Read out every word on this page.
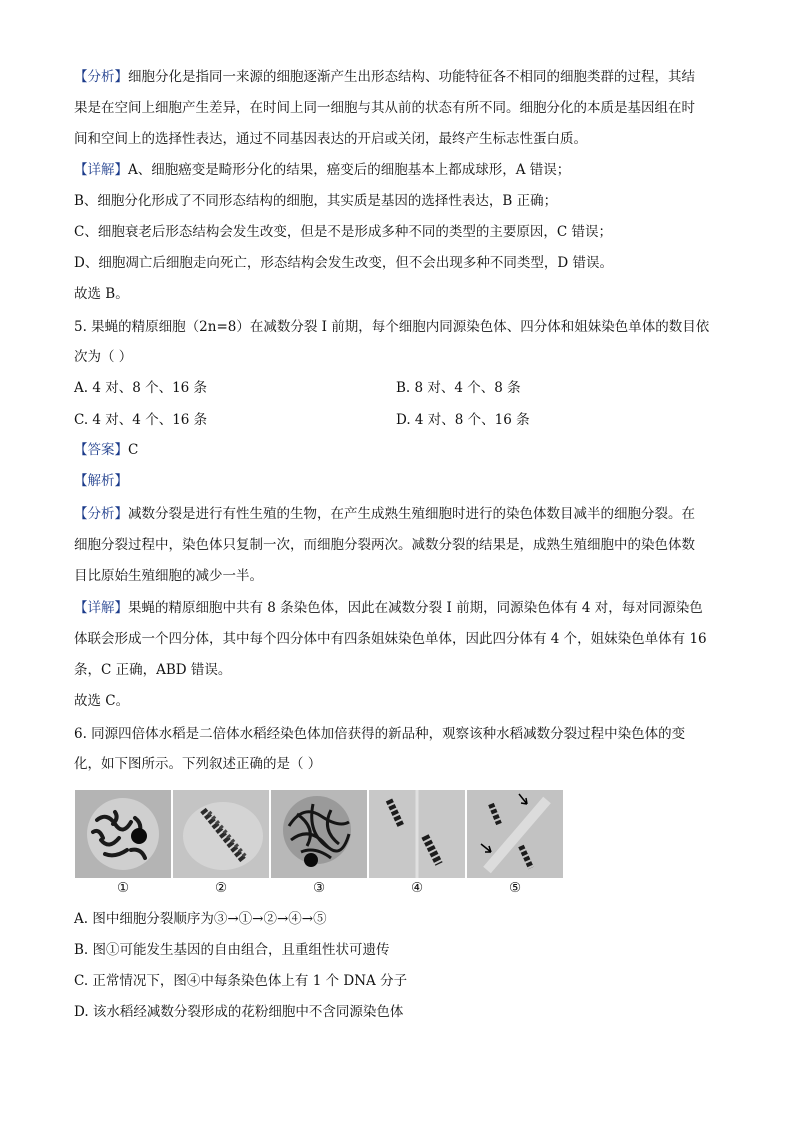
【分析】细胞分化是指同一来源的细胞逐渐产生出形态结构、功能特征各不相同的细胞类群的过程，其结
果是在空间上细胞产生差异，在时间上同一细胞与其从前的状态有所不同。细胞分化的本质是基因组在时
间和空间上的选择性表达，通过不同基因表达的开启或关闭，最终产生标志性蛋白质。
【详解】A、细胞癌变是畸形分化的结果，癌变后的细胞基本上都成球形，A 错误；
B、细胞分化形成了不同形态结构的细胞，其实质是基因的选择性表达，B 正确；
C、细胞衰老后形态结构会发生改变，但是不是形成多种不同的类型的主要原因，C 错误；
D、细胞凋亡后细胞走向死亡，形态结构会发生改变，但不会出现多种不同类型，D 错误。
故选 B。
5. 果蝇的精原细胞（2n=8）在减数分裂 I 前期，每个细胞内同源染色体、四分体和姐妹染色单体的数目依
次为（ ）
A. 4 对、8 个、16 条	B. 8 对、4 个、8 条
C. 4 对、4 个、16 条	D. 4 对、8 个、16 条
【答案】C
【解析】
【分析】减数分裂是进行有性生殖的生物，在产生成熟生殖细胞时进行的染色体数目减半的细胞分裂。在
细胞分裂过程中，染色体只复制一次，而细胞分裂两次。减数分裂的结果是，成熟生殖细胞中的染色体数
目比原始生殖细胞的减少一半。
【详解】果蝇的精原细胞中共有 8 条染色体，因此在减数分裂 I 前期，同源染色体有 4 对，每对同源染色
体联会形成一个四分体，其中每个四分体中有四条姐妹染色单体，因此四分体有 4 个，姐妹染色单体有 16
条，C 正确，ABD 错误。
故选 C。
6. 同源四倍体水稻是二倍体水稻经染色体加倍获得的新品种，观察该种水稻减数分裂过程中染色体的变
化，如下图所示。下列叙述正确的是（ ）
①	②	③	④	⑤
A. 图中细胞分裂顺序为③→①→②→④→⑤
B. 图①可能发生基因的自由组合，且重组性状可遗传
C. 正常情况下，图④中每条染色体上有 1 个 DNA 分子
D. 该水稻经减数分裂形成的花粉细胞中不含同源染色体
